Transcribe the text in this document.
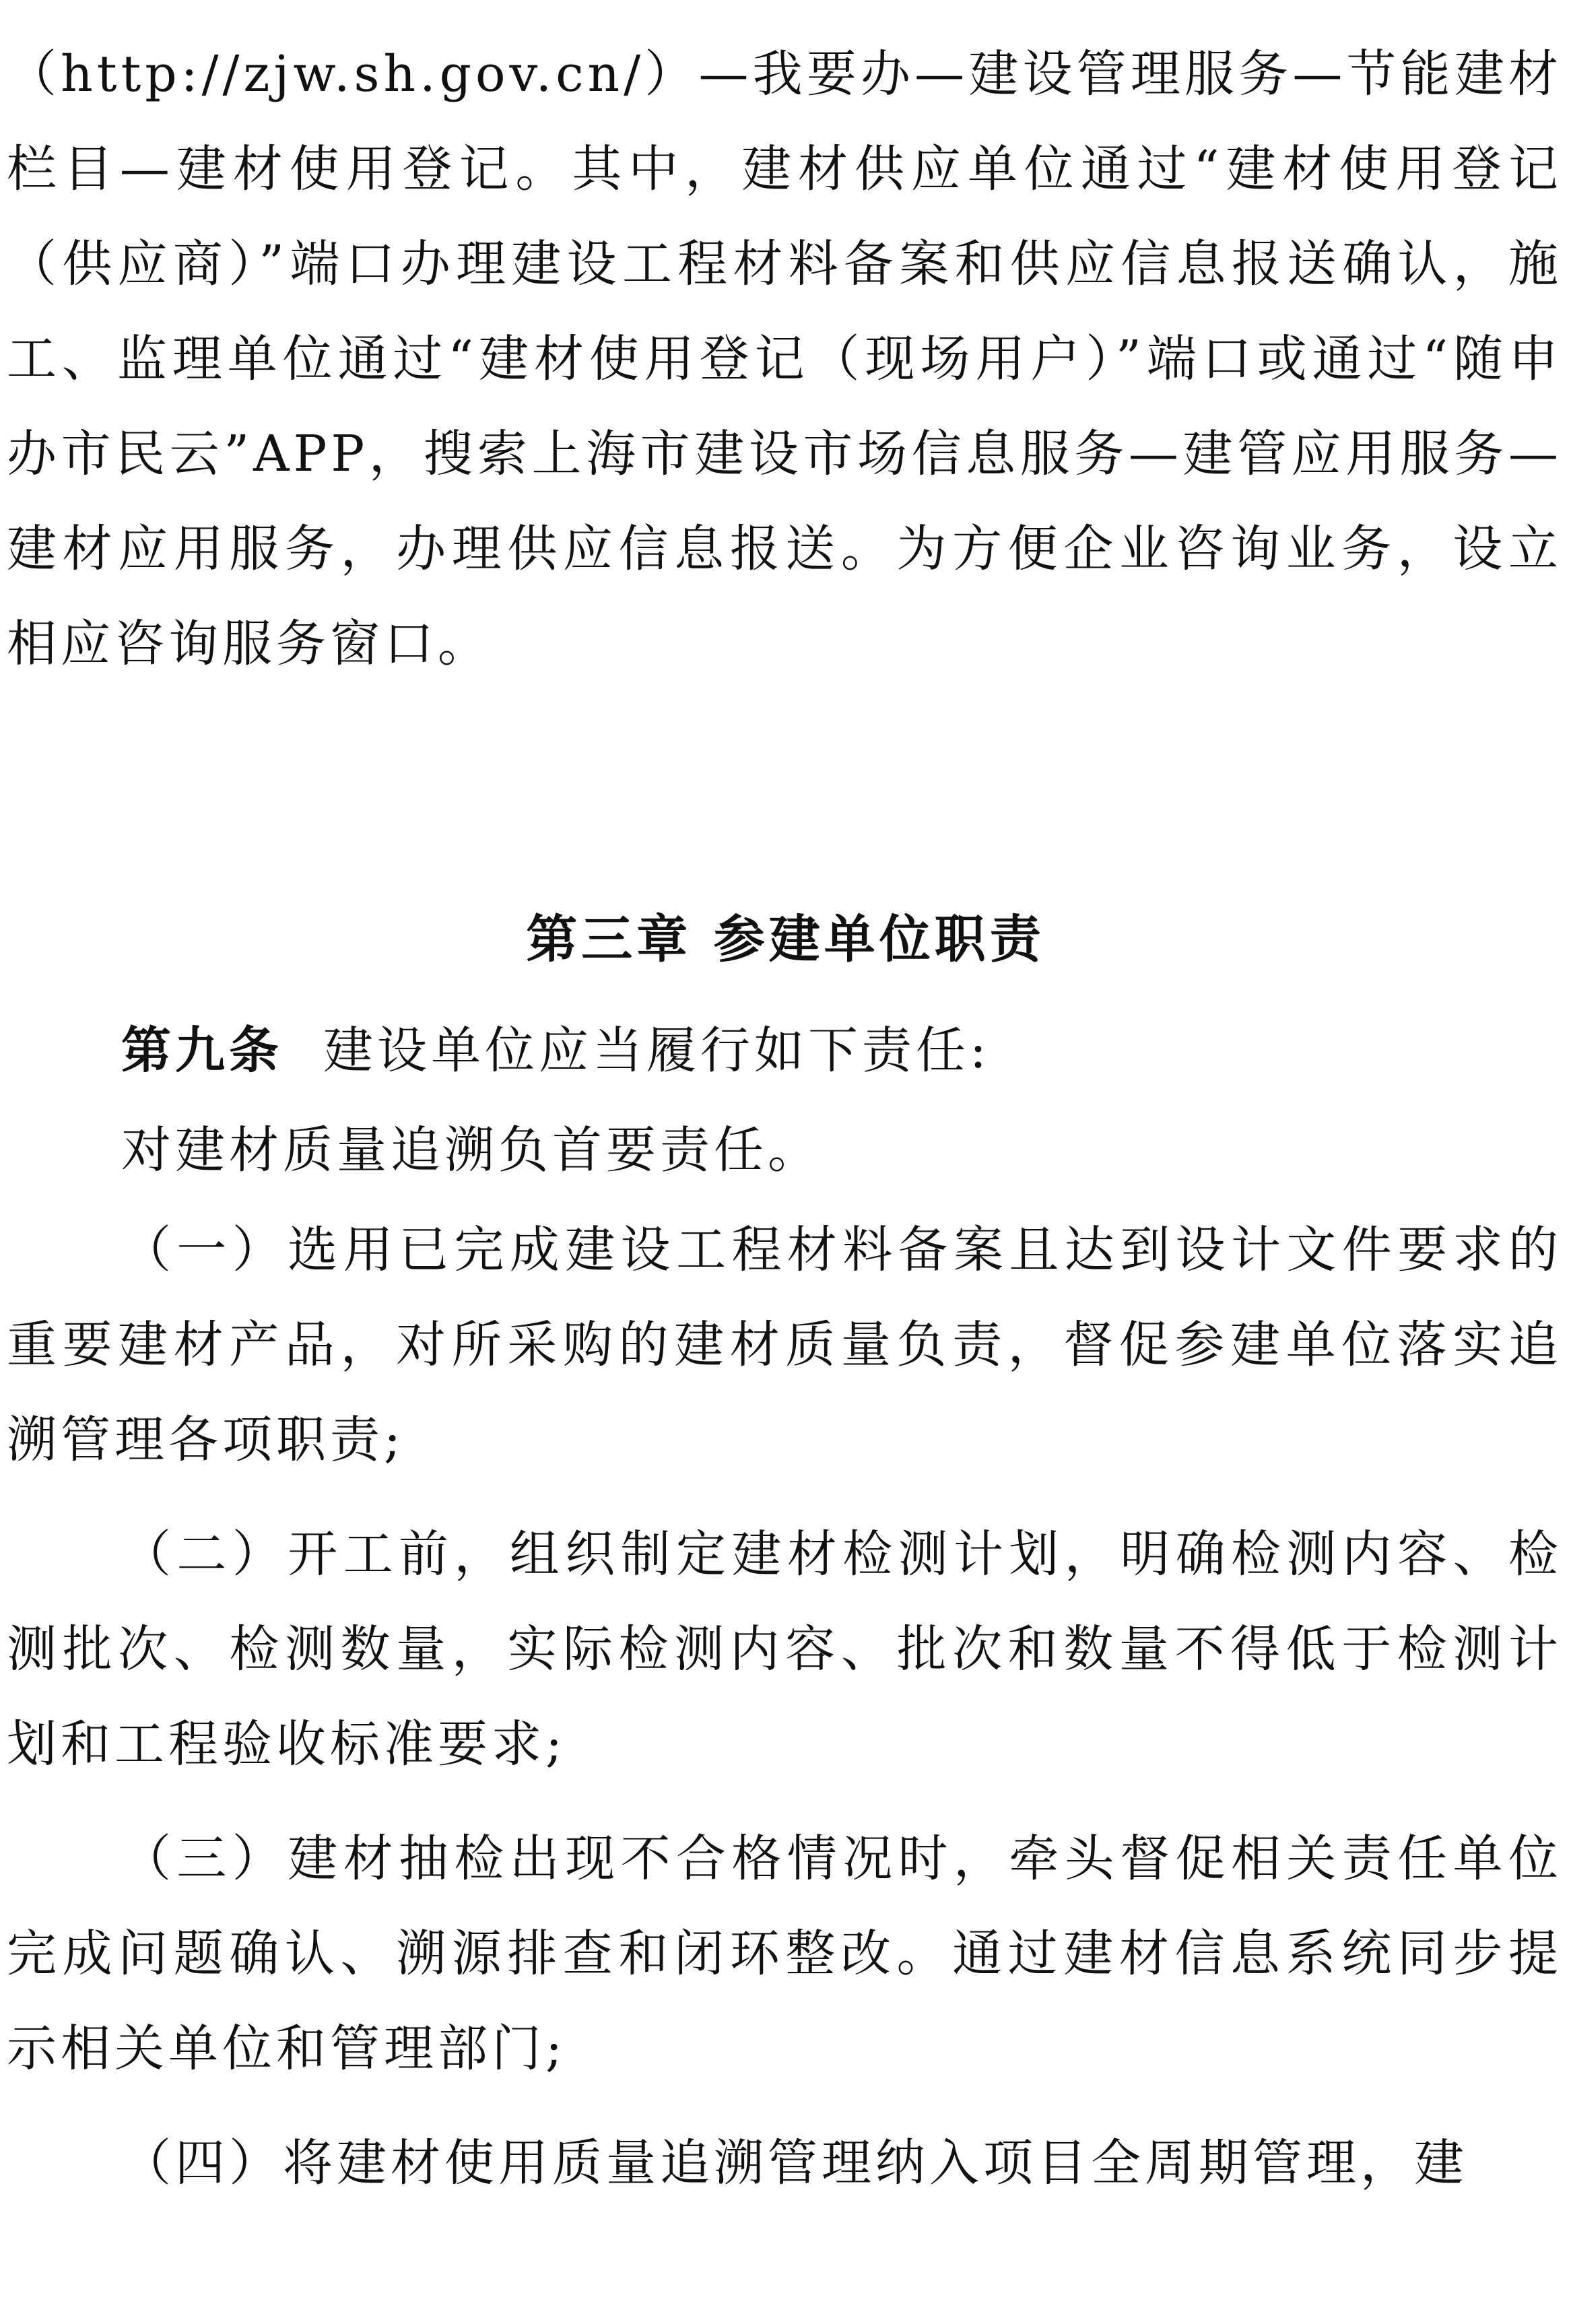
（http://zjw.sh.gov.cn/）—我要办—建设管理服务—节能建材栏目—建材使用登记。其中，建材供应单位通过“建材使用登记（供应商）”端口办理建设工程材料备案和供应信息报送确认，施工、监理单位通过“建材使用登记（现场用户）”端口或通过“随申办市民云”APP，搜索上海市建设市场信息服务—建管应用服务—建材应用服务，办理供应信息报送。为方便企业咨询业务，设立相应咨询服务窗口。

第三章 参建单位职责

第九条 建设单位应当履行如下责任:

对建材质量追溯负首要责任。

（一）选用已完成建设工程材料备案且达到设计文件要求的重要建材产品，对所采购的建材质量负责，督促参建单位落实追溯管理各项职责;

（二）开工前，组织制定建材检测计划，明确检测内容、检测批次、检测数量，实际检测内容、批次和数量不得低于检测计划和工程验收标准要求;

（三）建材抽检出现不合格情况时，牵头督促相关责任单位完成问题确认、溯源排查和闭环整改。通过建材信息系统同步提示相关单位和管理部门;

（四）将建材使用质量追溯管理纳入项目全周期管理，建
